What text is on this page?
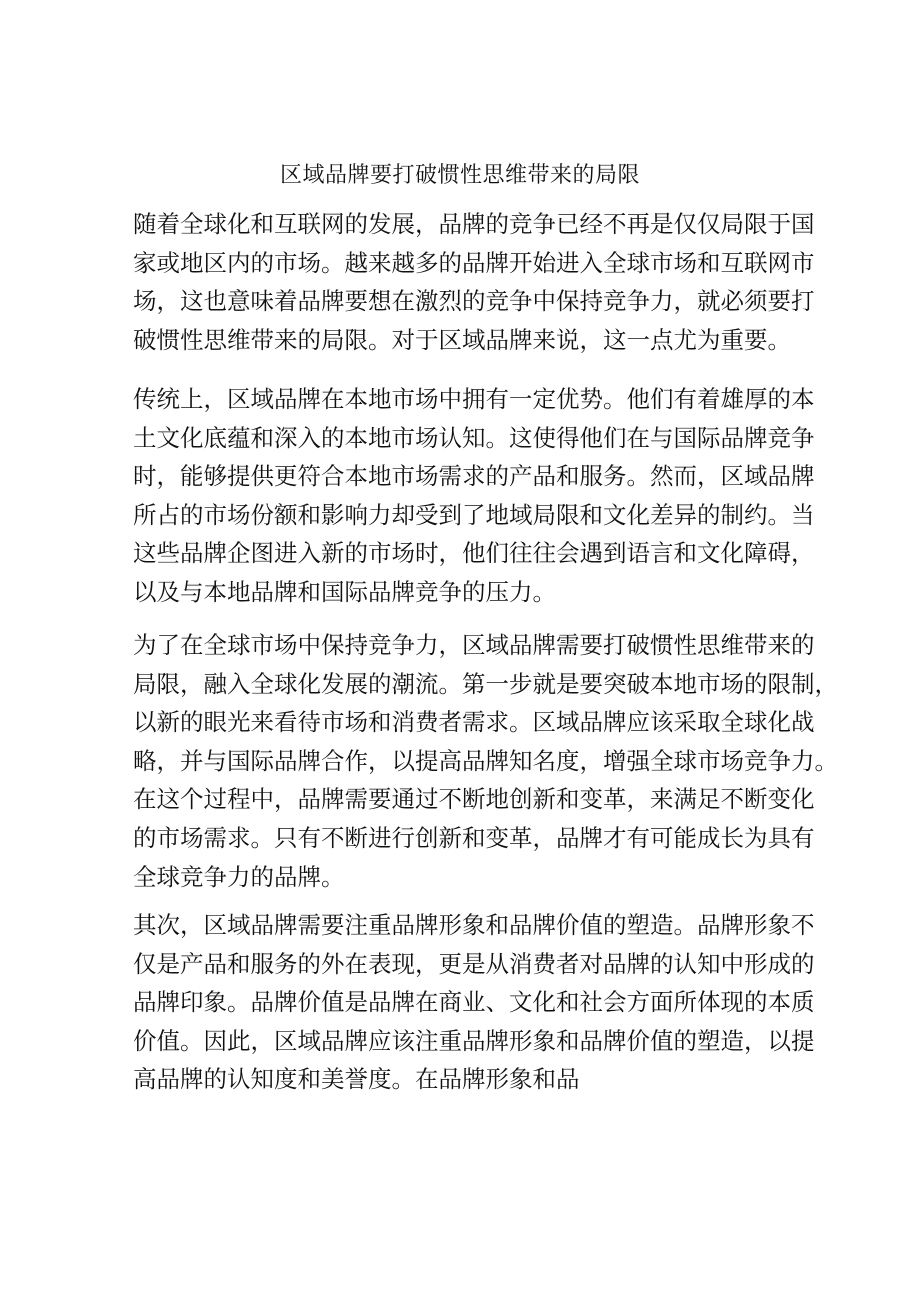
区域品牌要打破惯性思维带来的局限
随着全球化和互联网的发展，品牌的竞争已经不再是仅仅局限于国
家或地区内的市场。越来越多的品牌开始进入全球市场和互联网市
场，这也意味着品牌要想在激烈的竞争中保持竞争力，就必须要打
破惯性思维带来的局限。对于区域品牌来说，这一点尤为重要。
传统上，区域品牌在本地市场中拥有一定优势。他们有着雄厚的本
土文化底蕴和深入的本地市场认知。这使得他们在与国际品牌竞争
时，能够提供更符合本地市场需求的产品和服务。然而，区域品牌
所占的市场份额和影响力却受到了地域局限和文化差异的制约。当
这些品牌企图进入新的市场时，他们往往会遇到语言和文化障碍，
以及与本地品牌和国际品牌竞争的压力。
为了在全球市场中保持竞争力，区域品牌需要打破惯性思维带来的
局限，融入全球化发展的潮流。第一步就是要突破本地市场的限制，
以新的眼光来看待市场和消费者需求。区域品牌应该采取全球化战
略，并与国际品牌合作，以提高品牌知名度，增强全球市场竞争力。
在这个过程中，品牌需要通过不断地创新和变革，来满足不断变化
的市场需求。只有不断进行创新和变革，品牌才有可能成长为具有
全球竞争力的品牌。
其次，区域品牌需要注重品牌形象和品牌价值的塑造。品牌形象不
仅是产品和服务的外在表现，更是从消费者对品牌的认知中形成的
品牌印象。品牌价值是品牌在商业、文化和社会方面所体现的本质
价值。因此，区域品牌应该注重品牌形象和品牌价值的塑造，以提
高品牌的认知度和美誉度。在品牌形象和品
